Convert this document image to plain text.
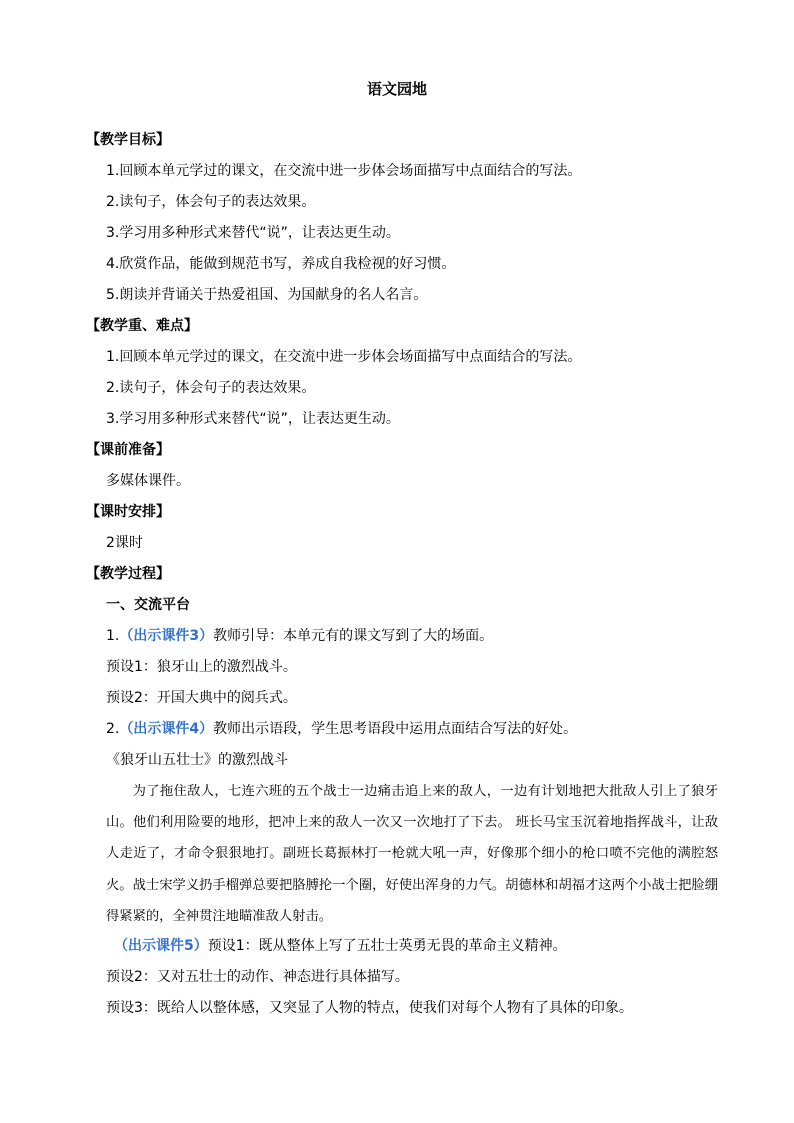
语文园地
【教学目标】
1.回顾本单元学过的课文，在交流中进一步体会场面描写中点面结合的写法。
2.读句子，体会句子的表达效果。
3.学习用多种形式来替代“说”，让表达更生动。
4.欣赏作品，能做到规范书写，养成自我检视的好习惯。
5.朗读并背诵关于热爱祖国、为国献身的名人名言。
【教学重、难点】
1.回顾本单元学过的课文，在交流中进一步体会场面描写中点面结合的写法。
2.读句子，体会句子的表达效果。
3.学习用多种形式来替代“说”，让表达更生动。
【课前准备】
多媒体课件。
【课时安排】
2课时
【教学过程】
一、交流平台
1.（出示课件3）教师引导：本单元有的课文写到了大的场面。
预设1：狼牙山上的激烈战斗。
预设2：开国大典中的阅兵式。
2.（出示课件4）教师出示语段，学生思考语段中运用点面结合写法的好处。
《狼牙山五壮士》的激烈战斗
为了拖住敌人，七连六班的五个战士一边痛击追上来的敌人，一边有计划地把大批敌人引上了狼牙山。他们利用险要的地形，把冲上来的敌人一次又一次地打了下去。 班长马宝玉沉着地指挥战斗，让敌人走近了，才命令狠狠地打。副班长葛振林打一枪就大吼一声，好像那个细小的枪口喷不完他的满腔怒火。战士宋学义扔手榴弹总要把胳膊抡一个圈，好使出浑身的力气。胡德林和胡福才这两个小战士把脸绷得紧紧的，全神贯注地瞄准敌人射击。
（出示课件5）预设1：既从整体上写了五壮士英勇无畏的革命主义精神。
预设2：又对五壮士的动作、神态进行具体描写。
预设3：既给人以整体感，又突显了人物的特点，使我们对每个人物有了具体的印象。
